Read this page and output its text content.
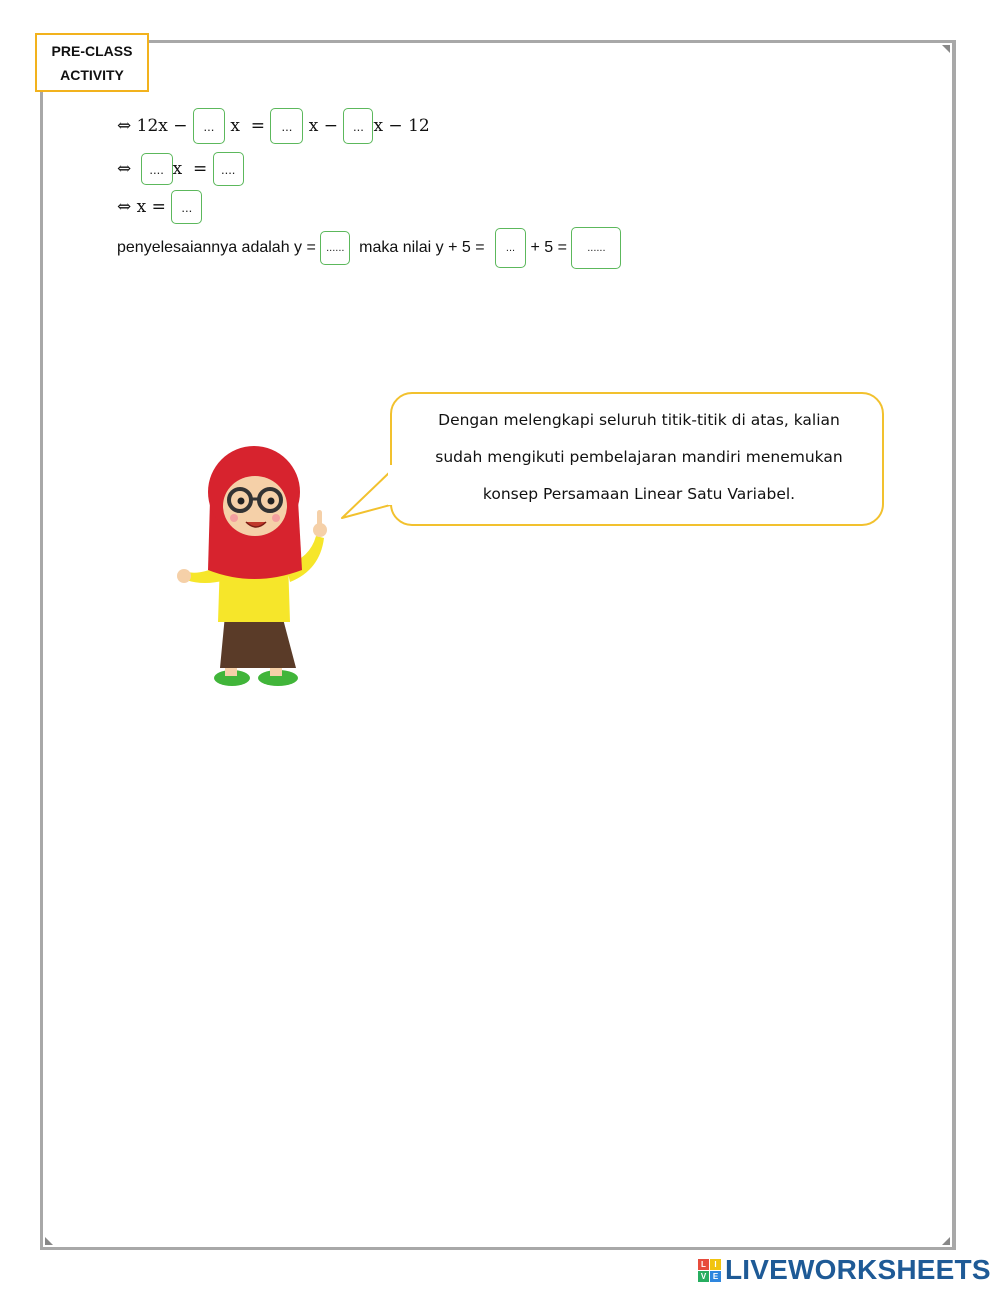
PRE-CLASS
ACTIVITY
⇔ 12x − ... x  = ... x − ... x − 12
⇔ .... x  = ....
⇔ x = ...
penyelesaiannya adalah y = ...... maka nilai y + 5 =	... + 5 =	......
Dengan melengkapi seluruh titik-titik di atas, kalian
sudah mengikuti pembelajaran mandiri menemukan
konsep Persamaan Linear Satu Variabel.
L	I
V E LIVEWORKSHEETS
